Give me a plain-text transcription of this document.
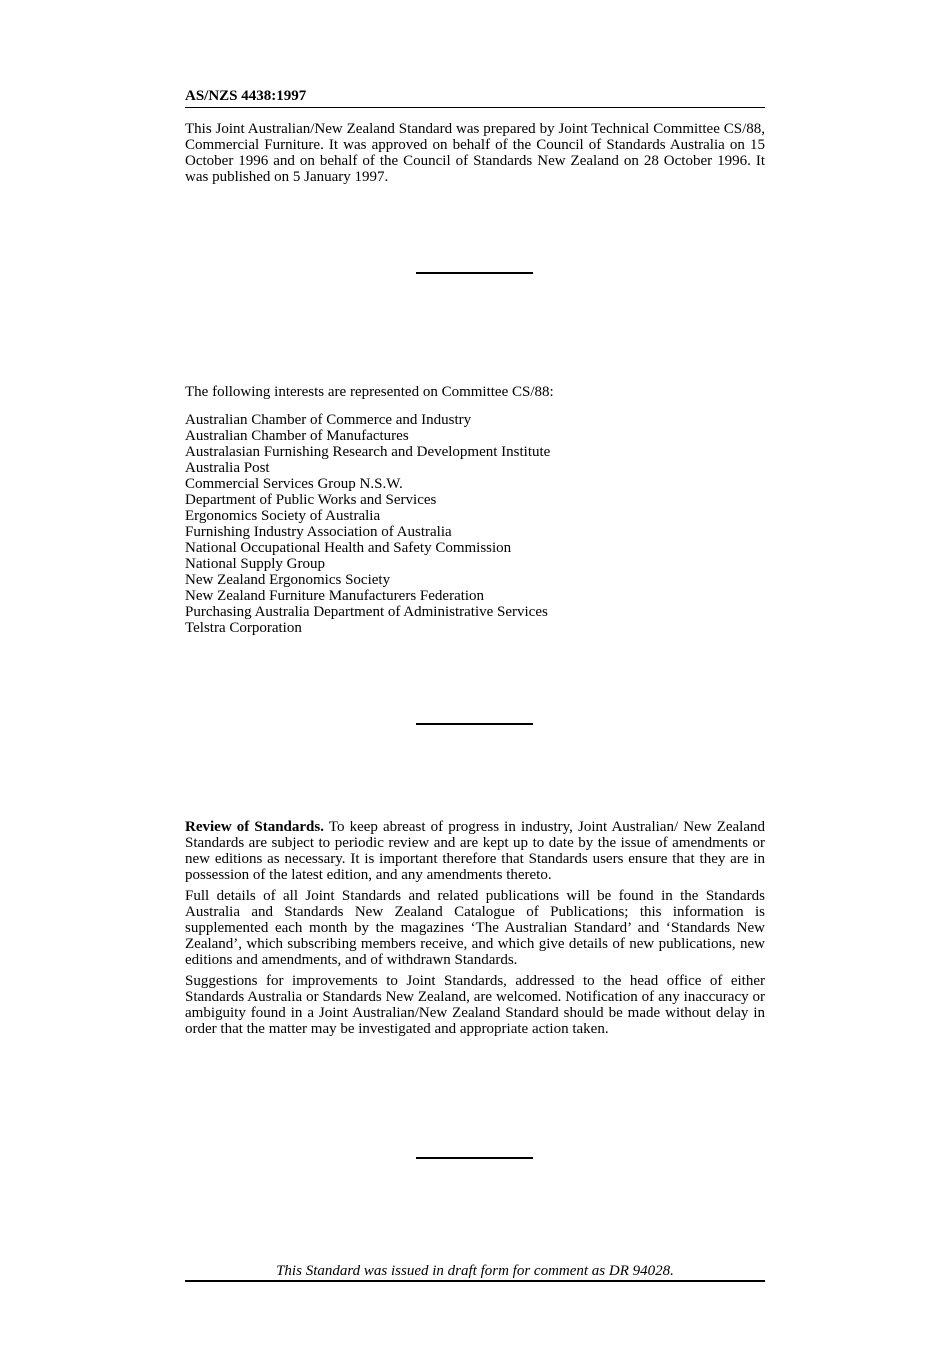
AS/NZS 4438:1997
This Joint Australian/New Zealand Standard was prepared by Joint Technical Committee CS/88, Commercial Furniture. It was approved on behalf of the Council of Standards Australia on 15 October 1996 and on behalf of the Council of Standards New Zealand on 28 October 1996. It was published on 5 January 1997.
The following interests are represented on Committee CS/88:
Australian Chamber of Commerce and Industry
Australian Chamber of Manufactures
Australasian Furnishing Research and Development Institute
Australia Post
Commercial Services Group N.S.W.
Department of Public Works and Services
Ergonomics Society of Australia
Furnishing Industry Association of Australia
National Occupational Health and Safety Commission
National Supply Group
New Zealand Ergonomics Society
New Zealand Furniture Manufacturers Federation
Purchasing Australia Department of Administrative Services
Telstra Corporation

Review of Standards. To keep abreast of progress in industry, Joint Australian/ New Zealand Standards are subject to periodic review and are kept up to date by the issue of amendments or new editions as necessary. It is important therefore that Standards users ensure that they are in possession of the latest edition, and any amendments thereto.

Full details of all Joint Standards and related publications will be found in the Standards Australia and Standards New Zealand Catalogue of Publications; this information is supplemented each month by the magazines ‘The Australian Standard’ and ‘Standards New Zealand’, which subscribing members receive, and which give details of new publications, new editions and amendments, and of withdrawn Standards.

Suggestions for improvements to Joint Standards, addressed to the head office of either Standards Australia or Standards New Zealand, are welcomed. Notification of any inaccuracy or ambiguity found in a Joint Australian/New Zealand Standard should be made without delay in order that the matter may be investigated and appropriate action taken.

This Standard was issued in draft form for comment as DR 94028.
